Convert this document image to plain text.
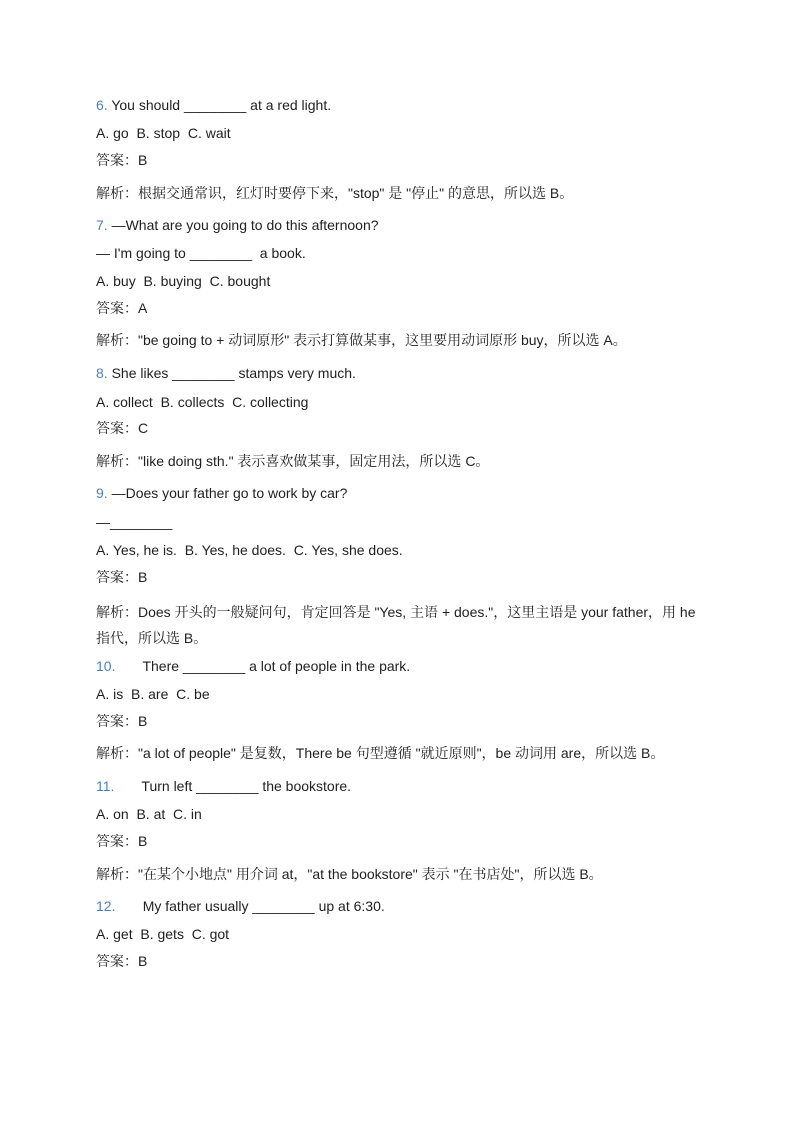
6. You should ________ at a red light.
A. go  B. stop  C. wait
答案：B
解析：根据交通常识，红灯时要停下来，"stop" 是 "停止" 的意思，所以选 B。
7. —What are you going to do this afternoon?
— I'm going to ________  a book.
A. buy  B. buying  C. bought
答案：A
解析："be going to + 动词原形" 表示打算做某事，这里要用动词原形 buy，所以选 A。
8. She likes ________ stamps very much.
A. collect  B. collects  C. collecting
答案：C
解析："like doing sth." 表示喜欢做某事，固定用法，所以选 C。
9. —Does your father go to work by car?
—________
A. Yes, he is.  B. Yes, he does.  C. Yes, she does.
答案：B
解析：Does 开头的一般疑问句，肯定回答是 "Yes, 主语 + does."，这里主语是 your father，用 he 指代，所以选 B。
10.       There ________ a lot of people in the park.
A. is  B. are  C. be
答案：B
解析："a lot of people" 是复数，There be 句型遵循 "就近原则"，be 动词用 are，所以选 B。
11.       Turn left ________ the bookstore.
A. on  B. at  C. in
答案：B
解析："在某个小地点" 用介词 at，"at the bookstore" 表示 "在书店处"，所以选 B。
12.       My father usually ________ up at 6:30.
A. get  B. gets  C. got
答案：B
